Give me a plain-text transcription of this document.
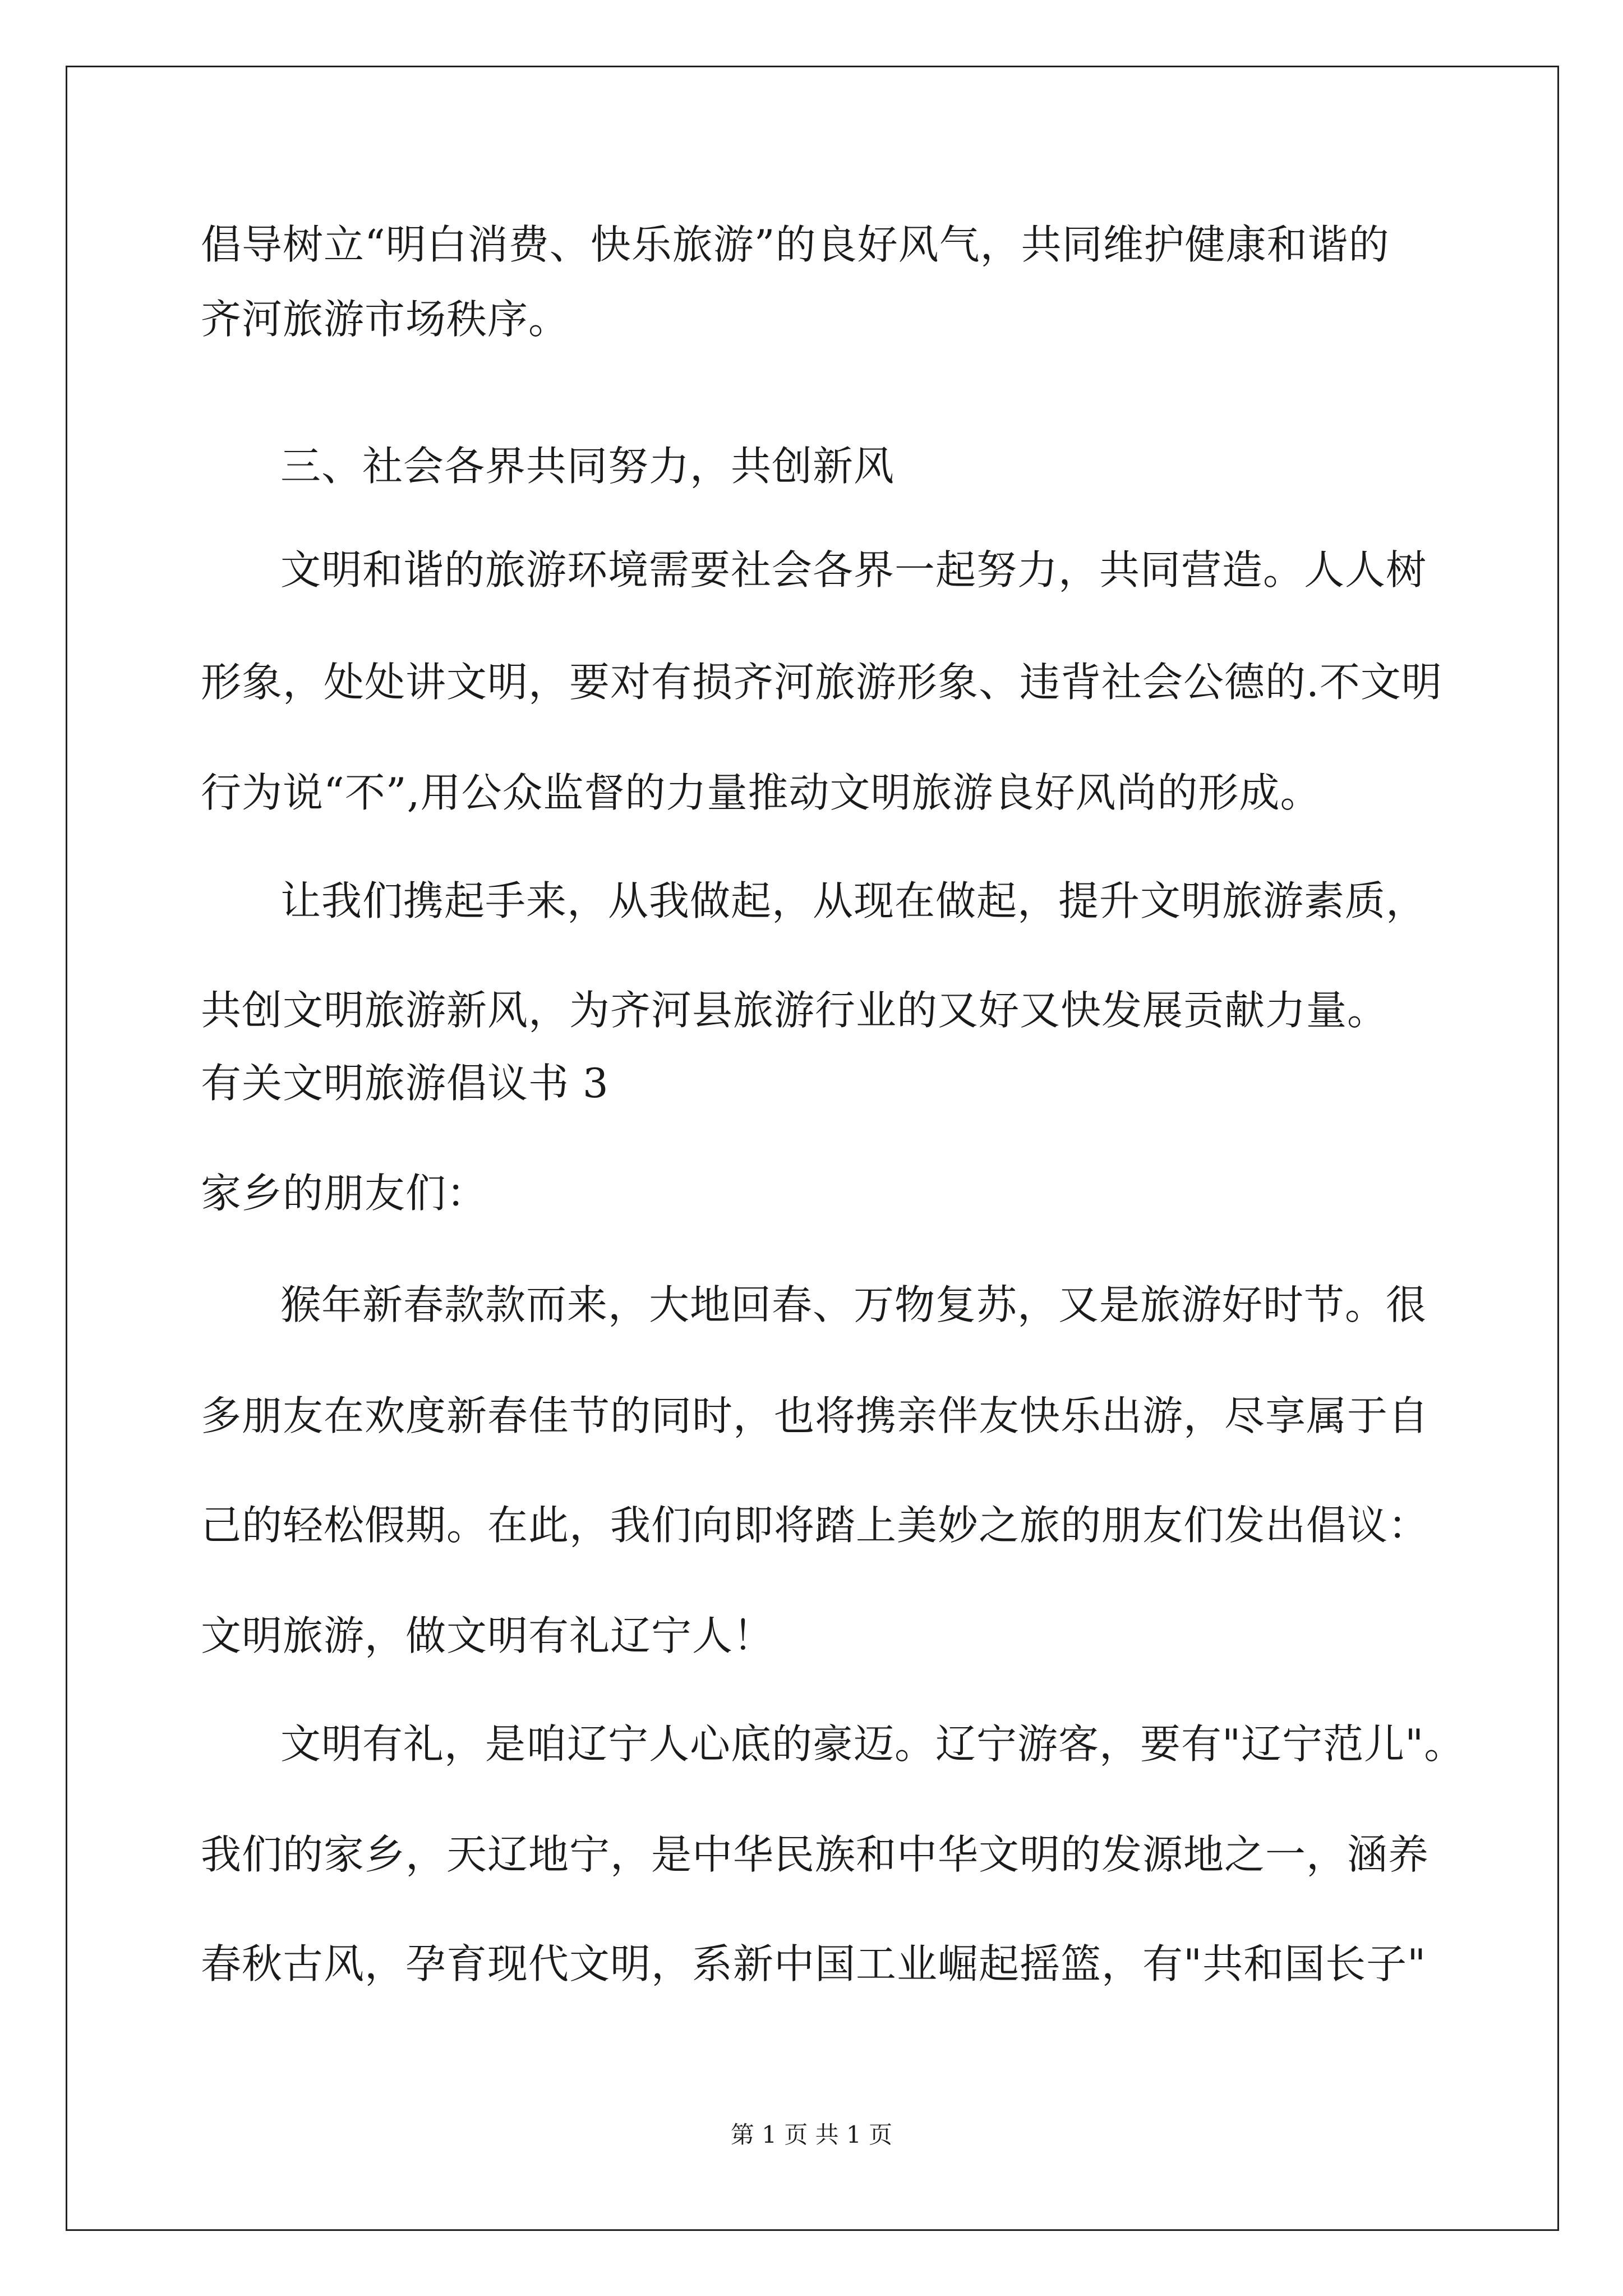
倡导树立“明白消费、快乐旅游”的良好风气，共同维护健康和谐的
齐河旅游市场秩序。
三、社会各界共同努力，共创新风
文明和谐的旅游环境需要社会各界一起努力，共同营造。人人树
形象，处处讲文明，要对有损齐河旅游形象、违背社会公德的.不文明
行为说“不”,用公众监督的力量推动文明旅游良好风尚的形成。
让我们携起手来，从我做起，从现在做起，提升文明旅游素质，
共创文明旅游新风，为齐河县旅游行业的又好又快发展贡献力量。
有关文明旅游倡议书 3
家乡的朋友们：
猴年新春款款而来，大地回春、万物复苏，又是旅游好时节。很
多朋友在欢度新春佳节的同时，也将携亲伴友快乐出游，尽享属于自
己的轻松假期。在此，我们向即将踏上美妙之旅的朋友们发出倡议：
文明旅游，做文明有礼辽宁人！
文明有礼，是咱辽宁人心底的豪迈。辽宁游客，要有"辽宁范儿"。
我们的家乡，天辽地宁，是中华民族和中华文明的发源地之一，涵养
春秋古风，孕育现代文明，系新中国工业崛起摇篮，有"共和国长子"
第 1 页 共 1 页
